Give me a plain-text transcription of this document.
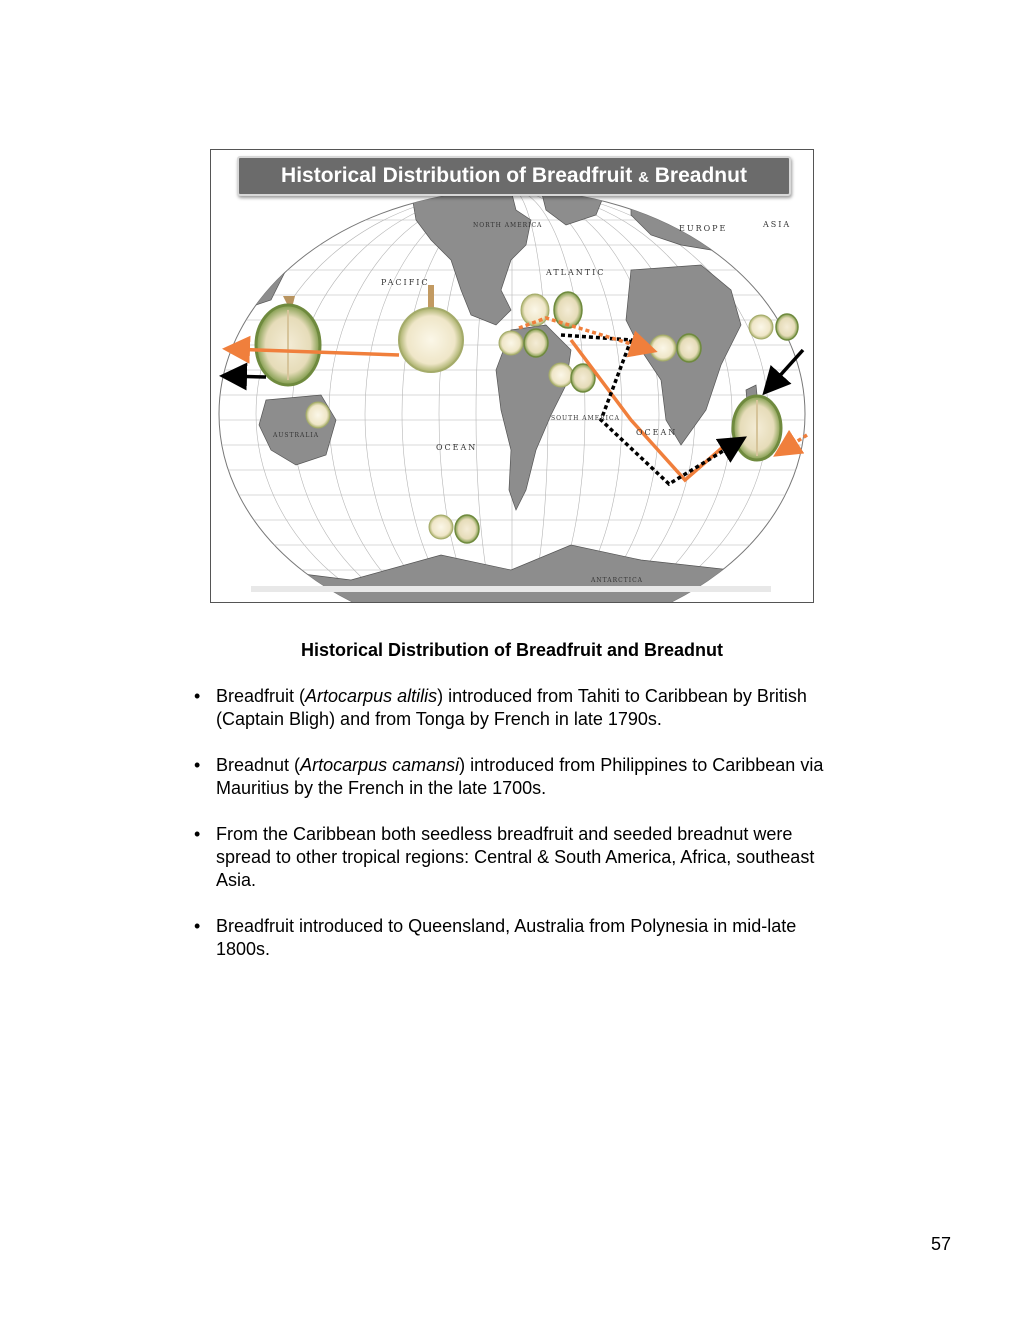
Historical Distribution of Breadfruit & Breadnut
PACIFIC
ATLANTIC
OCEAN
OCEAN
EUROPE	ASIA
NORTH AMERICA
SOUTH AMERICA
AUSTRALIA
ANTARCTICA
Historical Distribution of Breadfruit and Breadnut
• Breadfruit (Artocarpus altilis) introduced from Tahiti to Caribbean by British (Captain Bligh) and from Tonga by French in late 1790s.
• Breadnut (Artocarpus camansi) introduced from Philippines to Caribbean via Mauritius by the French in the late 1700s.
• From the Caribbean both seedless breadfruit and seeded breadnut were spread to other tropical regions: Central & South America, Africa, southeast Asia.
• Breadfruit introduced to Queensland, Australia from Polynesia in mid-late 1800s.
57
